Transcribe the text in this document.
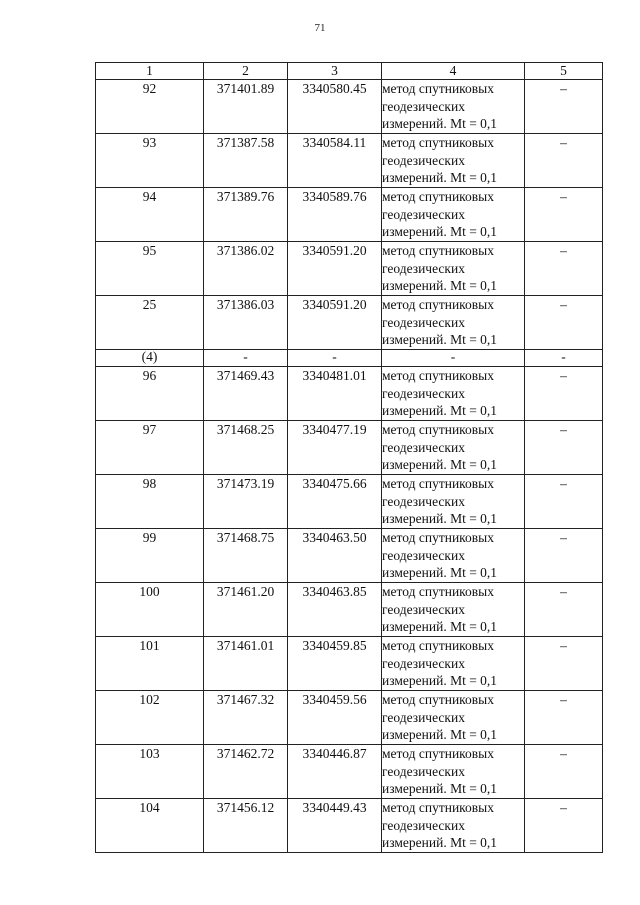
71
1	2	3	4	5
92	371401.89	3340580.45	метод спутниковых геодезических измерений. Mt = 0,1	–
93	371387.58	3340584.11	метод спутниковых геодезических измерений. Mt = 0,1	–
94	371389.76	3340589.76	метод спутниковых геодезических измерений. Mt = 0,1	–
95	371386.02	3340591.20	метод спутниковых геодезических измерений. Mt = 0,1	–
25	371386.03	3340591.20	метод спутниковых геодезических измерений. Mt = 0,1	–
(4)	-	-	-	-
96	371469.43	3340481.01	метод спутниковых геодезических измерений. Mt = 0,1	–
97	371468.25	3340477.19	метод спутниковых геодезических измерений. Mt = 0,1	–
98	371473.19	3340475.66	метод спутниковых геодезических измерений. Mt = 0,1	–
99	371468.75	3340463.50	метод спутниковых геодезических измерений. Mt = 0,1	–
100	371461.20	3340463.85	метод спутниковых геодезических измерений. Mt = 0,1	–
101	371461.01	3340459.85	метод спутниковых геодезических измерений. Mt = 0,1	–
102	371467.32	3340459.56	метод спутниковых геодезических измерений. Mt = 0,1	–
103	371462.72	3340446.87	метод спутниковых геодезических измерений. Mt = 0,1	–
104	371456.12	3340449.43	метод спутниковых геодезических измерений. Mt = 0,1	–
